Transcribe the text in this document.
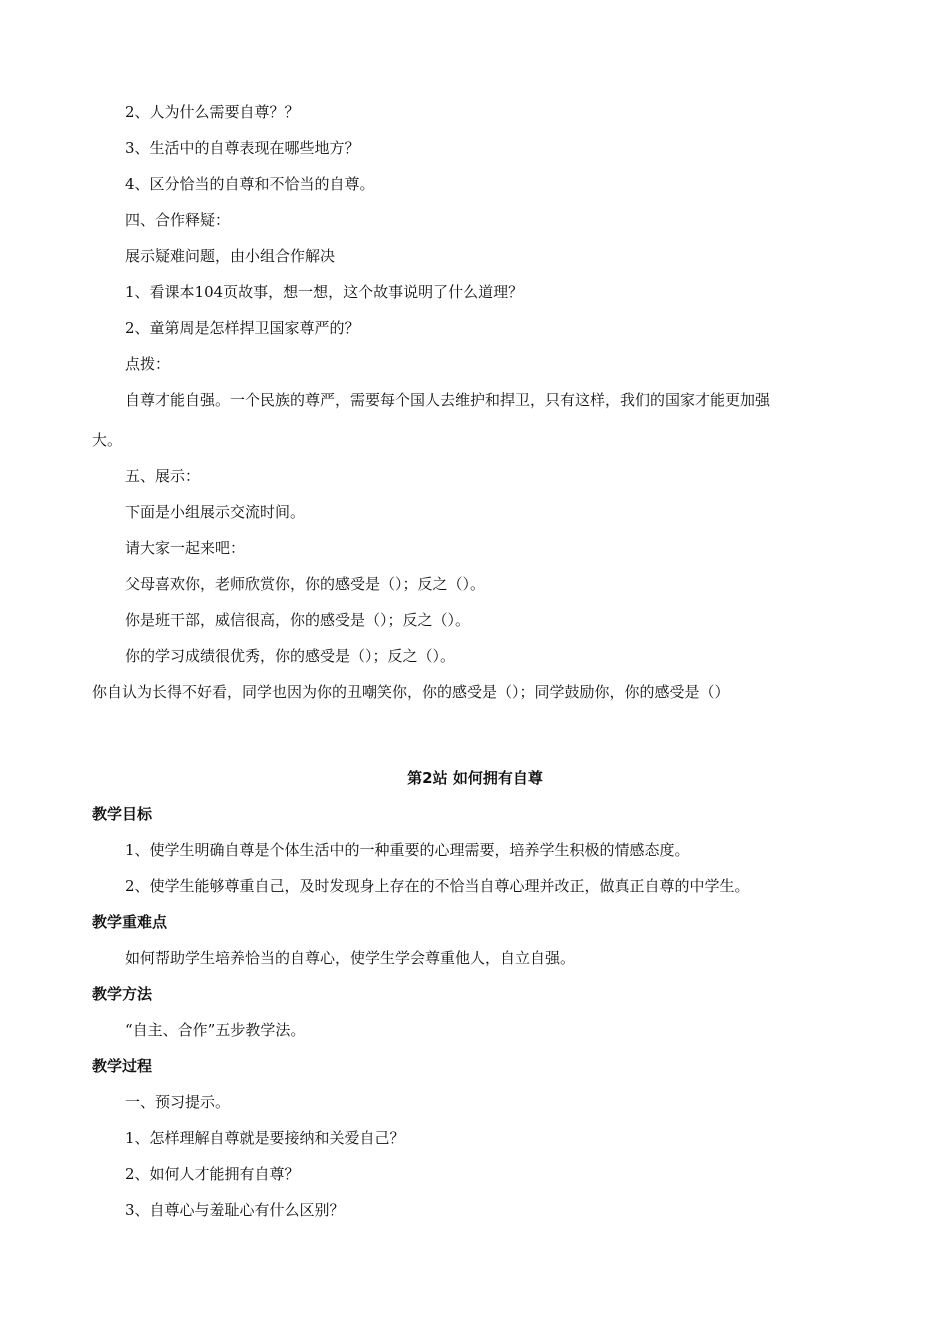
2、人为什么需要自尊？？
3、生活中的自尊表现在哪些地方？
4、区分恰当的自尊和不恰当的自尊。
四、合作释疑：
展示疑难问题，由小组合作解决
1、看课本104页故事，想一想，这个故事说明了什么道理？
2、童第周是怎样捍卫国家尊严的？
点拨：
自尊才能自强。一个民族的尊严，需要每个国人去维护和捍卫，只有这样，我们的国家才能更加强
大。
五、展示：
下面是小组展示交流时间。
请大家一起来吧：
父母喜欢你，老师欣赏你，你的感受是（）；反之（）。
你是班干部，威信很高，你的感受是（）；反之（）。
你的学习成绩很优秀，你的感受是（）；反之（）。
你自认为长得不好看，同学也因为你的丑嘲笑你，你的感受是（）；同学鼓励你，你的感受是（）
第2站 如何拥有自尊
教学目标
1、使学生明确自尊是个体生活中的一种重要的心理需要，培养学生积极的情感态度。
2、使学生能够尊重自己，及时发现身上存在的不恰当自尊心理并改正，做真正自尊的中学生。
教学重难点
如何帮助学生培养恰当的自尊心，使学生学会尊重他人，自立自强。
教学方法
“自主、合作”五步教学法。
教学过程
一、预习提示。
1、怎样理解自尊就是要接纳和关爱自己？
2、如何人才能拥有自尊？
3、自尊心与羞耻心有什么区别？
